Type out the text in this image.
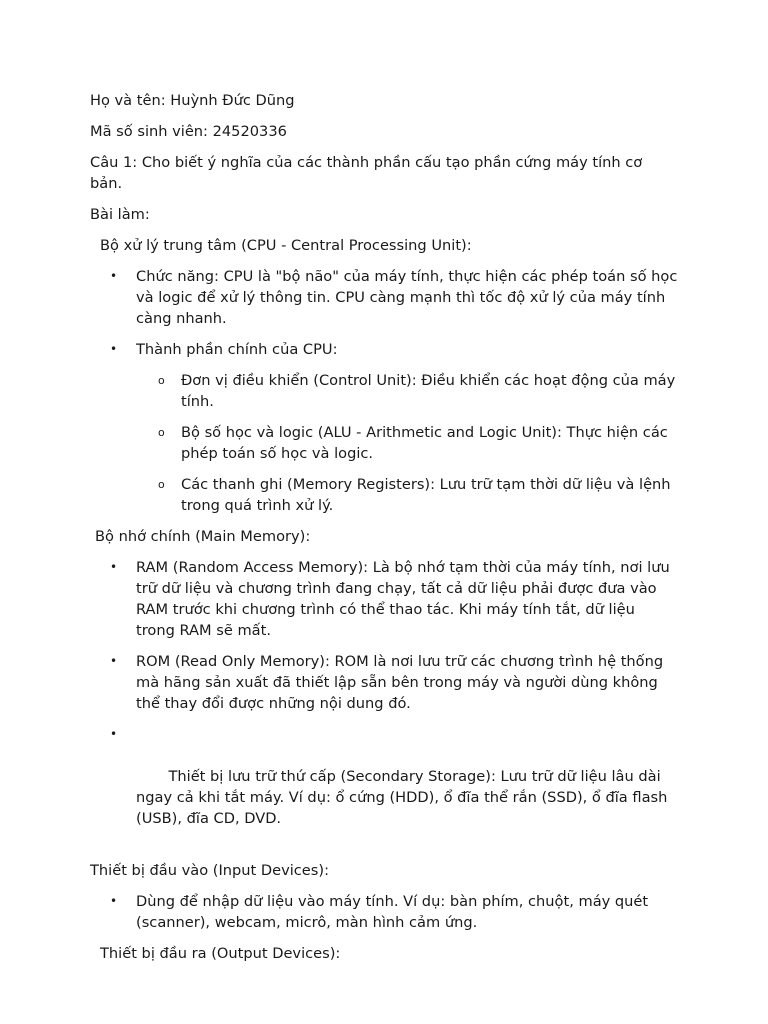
Họ và tên: Huỳnh Đức Dũng

Mã số sinh viên: 24520336

Câu 1: Cho biết ý nghĩa của các thành phần cấu tạo phần cứng máy tính cơ bản.

Bài làm:

Bộ xử lý trung tâm (CPU - Central Processing Unit):

• Chức năng: CPU là "bộ não" của máy tính, thực hiện các phép toán số học và logic để xử lý thông tin. CPU càng mạnh thì tốc độ xử lý của máy tính càng nhanh.
• Thành phần chính của CPU:
o Đơn vị điều khiển (Control Unit): Điều khiển các hoạt động của máy tính.
o Bộ số học và logic (ALU - Arithmetic and Logic Unit): Thực hiện các phép toán số học và logic.
o Các thanh ghi (Memory Registers): Lưu trữ tạm thời dữ liệu và lệnh trong quá trình xử lý.

Bộ nhớ chính (Main Memory):

• RAM (Random Access Memory): Là bộ nhớ tạm thời của máy tính, nơi lưu trữ dữ liệu và chương trình đang chạy, tất cả dữ liệu phải được đưa vào RAM trước khi chương trình có thể thao tác. Khi máy tính tắt, dữ liệu trong RAM sẽ mất.
• ROM (Read Only Memory): ROM là nơi lưu trữ các chương trình hệ thống mà hãng sản xuất đã thiết lập sẵn bên trong máy và người dùng không thể thay đổi được những nội dung đó.

•

Thiết bị lưu trữ thứ cấp (Secondary Storage): Lưu trữ dữ liệu lâu dài ngay cả khi tắt máy. Ví dụ: ổ cứng (HDD), ổ đĩa thể rắn (SSD), ổ đĩa flash (USB), đĩa CD, DVD.

Thiết bị đầu vào (Input Devices):

• Dùng để nhập dữ liệu vào máy tính. Ví dụ: bàn phím, chuột, máy quét (scanner), webcam, micrô, màn hình cảm ứng.

Thiết bị đầu ra (Output Devices):
